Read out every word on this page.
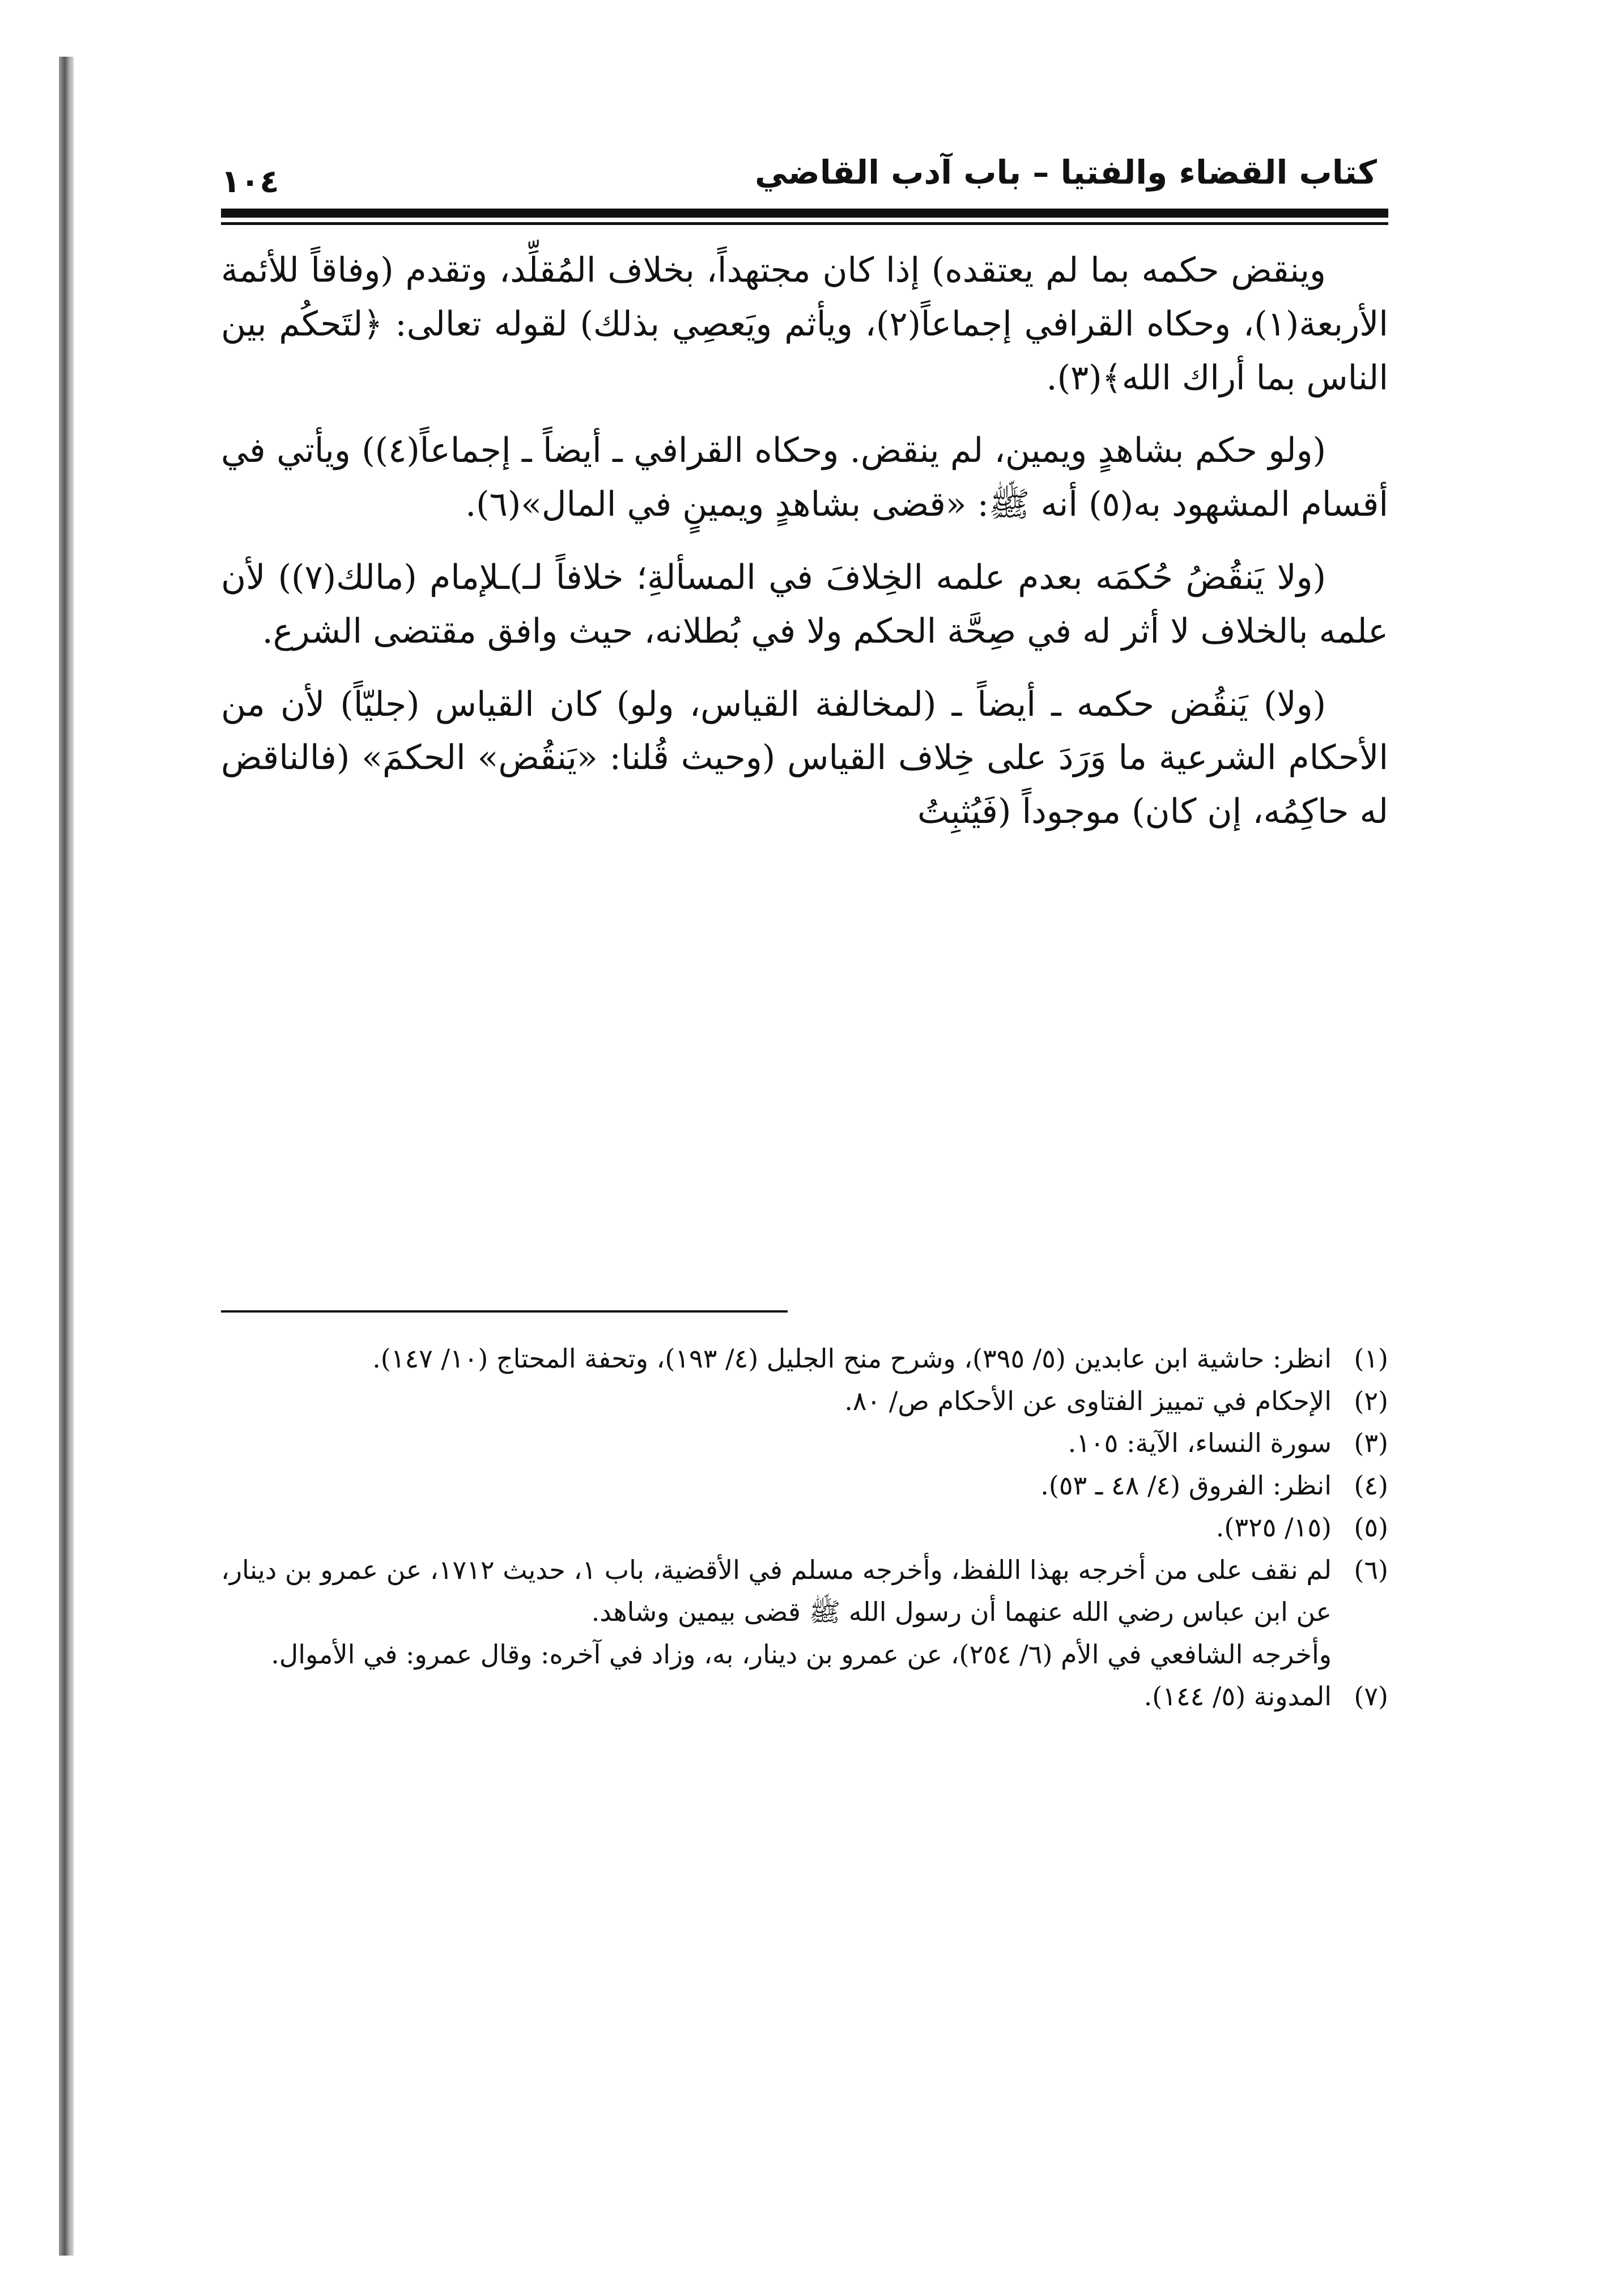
كتاب القضاء والفتيا – باب آدب القاضي
١٠٤

وينقض حكمه بما لم يعتقده) إذا كان مجتهداً، بخلاف المُقلِّد، وتقدم (وفاقاً للأئمة الأربعة(١)، وحكاه القرافي إجماعاً(٢)، ويأثم ويَعصِي بذلك) لقوله تعالى: ﴿لتَحكُم بين الناس بما أراك الله﴾(٣).

(ولو حكم بشاهدٍ ويمين، لم ينقض. وحكاه القرافي ـ أيضاً ـ إجماعاً(٤)) ويأتي في أقسام المشهود به(٥) أنه ﷺ: «قضى بشاهدٍ ويمينٍ في المال»(٦).

(ولا يَنقُضُ حُكمَه بعدم علمه الخِلافَ في المسألةِ؛ خلافاً لـ)ـلإمام (مالك(٧)) لأن علمه بالخلاف لا أثر له في صِحَّة الحكم ولا في بُطلانه، حيث وافق مقتضى الشرع.

(ولا) يَنقُض حكمه ـ أيضاً ـ (لمخالفة القياس، ولو) كان القياس (جليّاً) لأن من الأحكام الشرعية ما وَرَدَ على خِلاف القياس (وحيث قُلنا: «يَنقُض» الحكمَ» (فالناقض له حاكِمُه، إن كان) موجوداً (فَيُثبِتُ

(١)
انظر: حاشية ابن عابدين (٥/ ٣٩٥)، وشرح منح الجليل (٤/ ١٩٣)، وتحفة المحتاج (١٠/ ١٤٧).
(٢)
الإحكام في تمييز الفتاوى عن الأحكام ص/ ٨٠.
(٣)
سورة النساء، الآية: ١٠٥.
(٤)
انظر: الفروق (٤/ ٤٨ ـ ٥٣).
(٥)
(١٥/ ٣٢٥).
(٦)
لم نقف على من أخرجه بهذا اللفظ، وأخرجه مسلم في الأقضية، باب ١، حديث ١٧١٢، عن عمرو بن دينار، عن ابن عباس رضي الله عنهما أن رسول الله ﷺ قضى بيمين وشاهد.
وأخرجه الشافعي في الأم (٦/ ٢٥٤)، عن عمرو بن دينار، به، وزاد في آخره: وقال عمرو: في الأموال.
(٧)
المدونة (٥/ ١٤٤).
